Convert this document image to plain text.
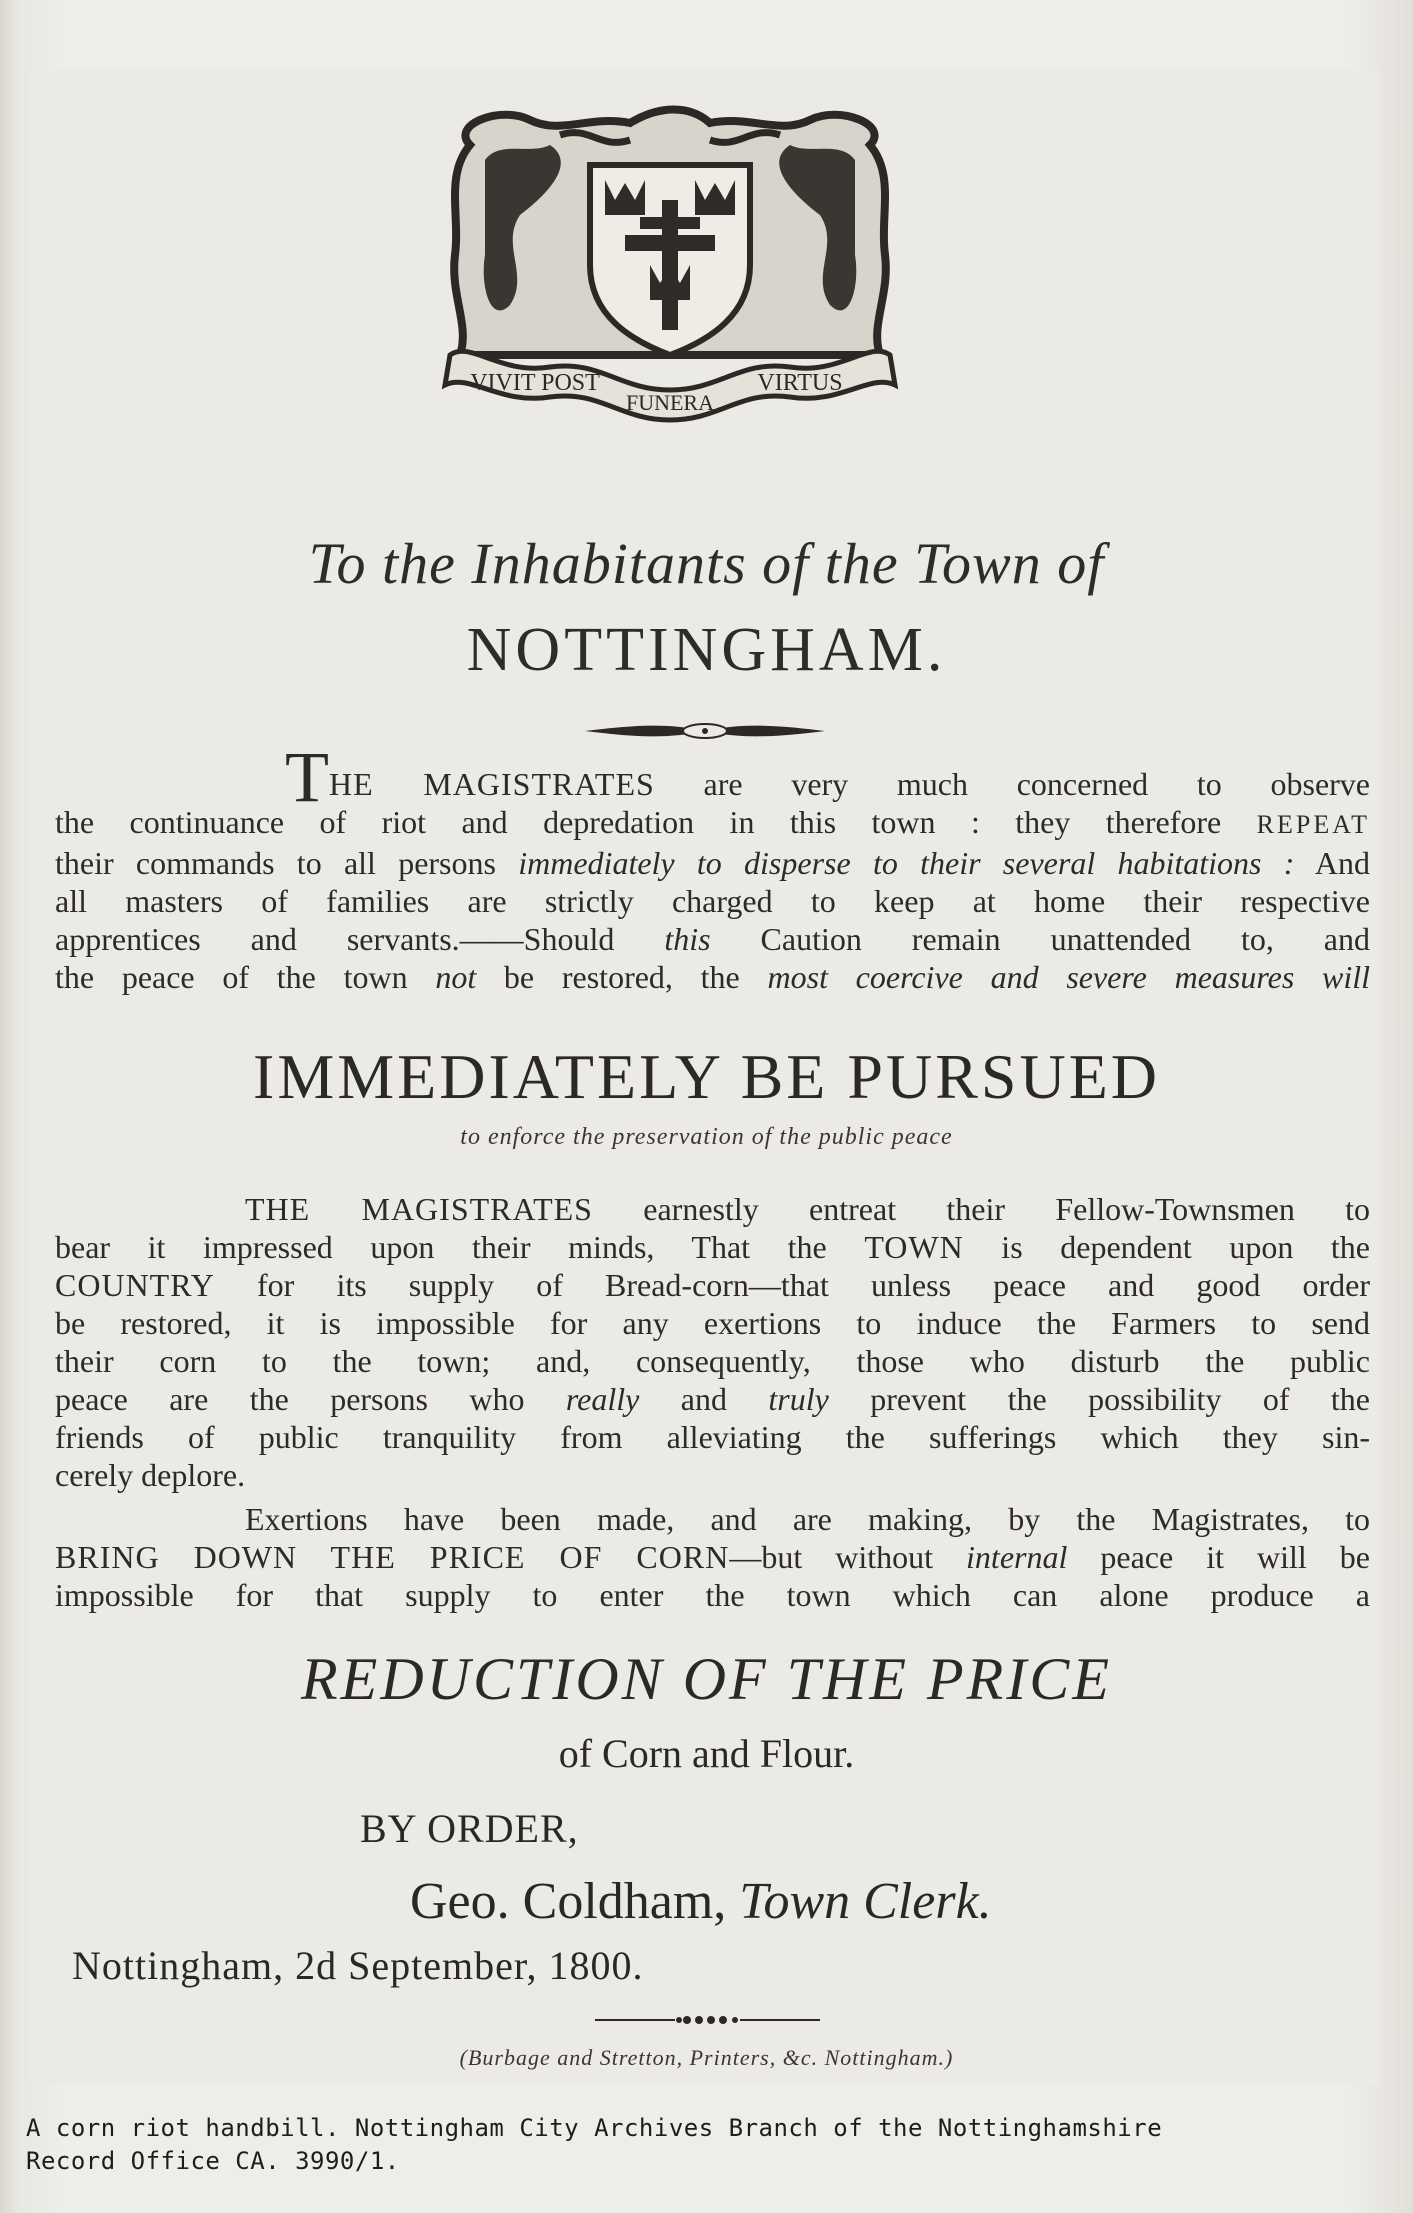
VIVIT POST
FUNERA
VIRTUS
To the Inhabitants of the Town of
NOTTINGHAM.
THE MAGISTRATES are very much concerned to observe
the continuance of riot and depredation in this town : they therefore REPEAT
their commands to all persons immediately to disperse to their several habitations : And
all masters of families are strictly charged to keep at home their respective
apprentices and servants.——Should this Caution remain unattended to, and
the peace of the town not be restored, the most coercive and severe measures will
IMMEDIATELY BE PURSUED
to enforce the preservation of the public peace
THE MAGISTRATES earnestly entreat their Fellow-Townsmen to
bear it impressed upon their minds, That the TOWN is dependent upon the
COUNTRY for its supply of Bread-corn—that unless peace and good order
be restored, it is impossible for any exertions to induce the Farmers to send
their corn to the town; and, consequently, those who disturb the public
peace are the persons who really and truly prevent the possibility of the
friends of public tranquility from alleviating the sufferings which they sin-
cerely deplore.
Exertions have been made, and are making, by the Magistrates, to
BRING DOWN THE PRICE OF CORN—but without internal peace it will be
impossible for that supply to enter the town which can alone produce a
REDUCTION OF THE PRICE
of Corn and Flour.
BY ORDER,
Geo. Coldham, Town Clerk.
Nottingham, 2d September, 1800.
(Burbage and Stretton, Printers, &c. Nottingham.)
A corn riot handbill. Nottingham City Archives Branch of the Nottinghamshire
Record Office CA. 3990/1.
